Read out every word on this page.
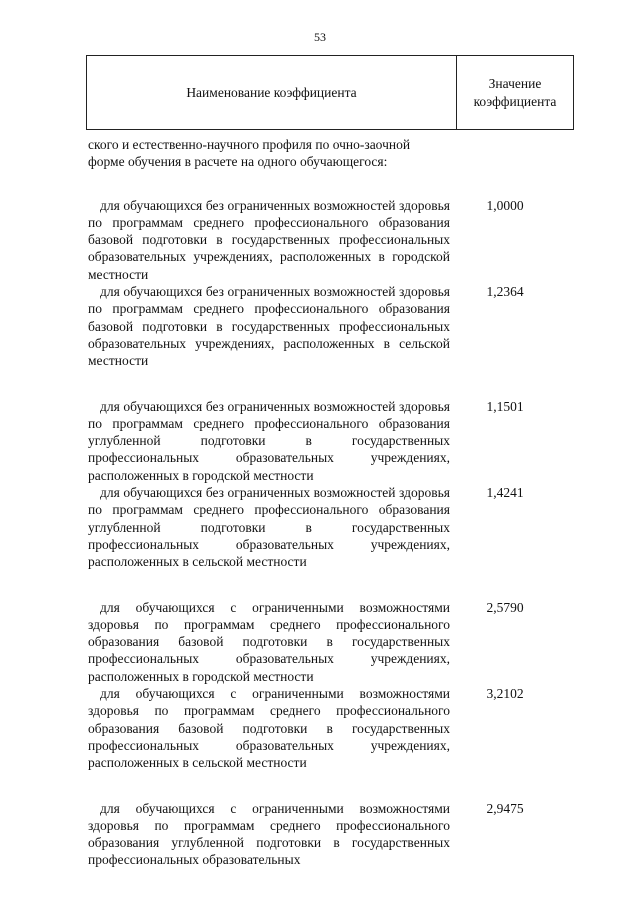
53
Наименование коэффициента
Значение коэффициента
ского и естественно-научного профиля по очно-заочной форме обучения в расчете на одного обучающегося:
для обучающихся без ограниченных возможностей здоровья по программам среднего профессионального образования базовой подготовки в государственных профессиональных образовательных учреждениях, расположенных в городской местности
1,0000
для обучающихся без ограниченных возможностей здоровья по программам среднего профессионального образования базовой подготовки в государственных профессиональных образовательных учреждениях, расположенных в сельской местности
1,2364
для обучающихся без ограниченных возможностей здоровья по программам среднего профессионального образования углубленной подготовки в государственных профессиональных образовательных учреждениях, расположенных в городской местности
1,1501
для обучающихся без ограниченных возможностей здоровья по программам среднего профессионального образования углубленной подготовки в государственных профессиональных образовательных учреждениях, расположенных в сельской местности
1,4241
для обучающихся с ограниченными возможностями здоровья по программам среднего профессионального образования базовой подготовки в государственных профессиональных образовательных учреждениях, расположенных в городской местности
2,5790
для обучающихся с ограниченными возможностями здоровья по программам среднего профессионального образования базовой подготовки в государственных профессиональных образовательных учреждениях, расположенных в сельской местности
3,2102
для обучающихся с ограниченными возможностями здоровья по программам среднего профессионального образования углубленной подготовки в государственных профессиональных образовательных
2,9475
